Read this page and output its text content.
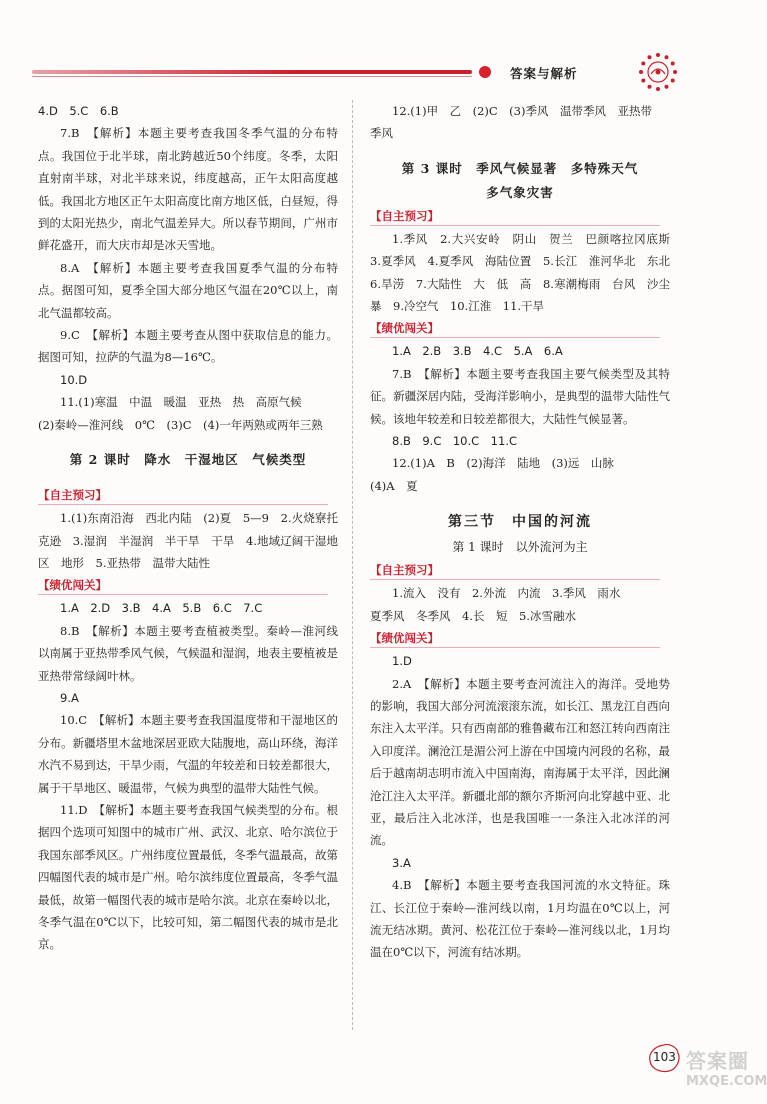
答案与解析

4.D　5.C　6.B

7.B　【解析】本题主要考查我国冬季气温的分布特点。我国位于北半球，南北跨越近50个纬度。冬季，太阳直射南半球，对北半球来说，纬度越高，正午太阳高度越低。我国北方地区正午太阳高度比南方地区低，白昼短，得到的太阳光热少，南北气温差异大。所以春节期间，广州市鲜花盛开，而大庆市却是冰天雪地。

8.A　【解析】本题主要考查我国夏季气温的分布特点。据图可知，夏季全国大部分地区气温在20℃以上，南北气温都较高。

9.C　【解析】本题主要考查从图中获取信息的能力。据图可知，拉萨的气温为8—16℃。

10.D

11.(1)寒温　中温　暖温　亚热　热　高原气候
(2)秦岭—淮河线　0℃　(3)C　(4)一年两熟或两年三熟

第 2 课时　降水　干湿地区　气候类型
【自主预习】

1.(1)东南沿海　西北内陆　(2)夏　5—9　2.火烧寮托克逊　3.湿润　半湿润　半干旱　干旱　4.地域辽阔干湿地区　地形　5.亚热带　温带大陆性

【绩优闯关】

1.A　2.D　3.B　4.A　5.B　6.C　7.C

8.B　【解析】本题主要考查植被类型。秦岭—淮河线以南属于亚热带季风气候，气候温和湿润，地表主要植被是亚热带常绿阔叶林。

9.A

10.C　【解析】本题主要考查我国温度带和干湿地区的分布。新疆塔里木盆地深居亚欧大陆腹地，高山环绕，海洋水汽不易到达，干旱少雨，气温的年较差和日较差都很大，属于干旱地区、暖温带，气候为典型的温带大陆性气候。

11.D　【解析】本题主要考查我国气候类型的分布。根据四个选项可知图中的城市广州、武汉、北京、哈尔滨位于我国东部季风区。广州纬度位置最低，冬季气温最高，故第四幅图代表的城市是广州。哈尔滨纬度位置最高，冬季气温最低，故第一幅图代表的城市是哈尔滨。北京在秦岭以北，冬季气温在0℃以下，比较可知，第二幅图代表的城市是北京。

12.(1)甲　乙　(2)C　(3)季风　温带季风　亚热带
季风

第 3 课时　季风气候显著　多特殊天气
多气象灾害
【自主预习】

1.季风　2.大兴安岭　阴山　贺兰　巴颜喀拉冈底斯　3.夏季风　4.夏季风　海陆位置　5.长江　淮河华北　东北　6.旱涝　7.大陆性　大　低　高　8.寒潮梅雨　台风　沙尘暴　9.冷空气　10.江淮　11.干旱

【绩优闯关】

1.A　2.B　3.B　4.C　5.A　6.A

7.B　【解析】本题主要考查我国主要气候类型及其特征。新疆深居内陆，受海洋影响小，是典型的温带大陆性气候。该地年较差和日较差都很大，大陆性气候显著。

8.B　9.C　10.C　11.C

12.(1)A　B　(2)海洋　陆地　(3)远　山脉
(4)A　夏

第三节　中国的河流
第 1 课时　以外流河为主
【自主预习】

1.流入　没有　2.外流　内流　3.季风　雨水
夏季风　冬季风　4.长　短　5.冰雪融水

【绩优闯关】

1.D

2.A　【解析】本题主要考查河流注入的海洋。受地势的影响，我国大部分河流滚滚东流，如长江、黑龙江自西向东注入太平洋。只有西南部的雅鲁藏布江和怒江转向西南注入印度洋。澜沧江是湄公河上游在中国境内河段的名称，最后于越南胡志明市流入中国南海，南海属于太平洋，因此澜沧江注入太平洋。新疆北部的额尔齐斯河向北穿越中亚、北亚，最后注入北冰洋，也是我国唯一一条注入北冰洋的河流。

3.A

4.B　【解析】本题主要考查我国河流的水文特征。珠江、长江位于秦岭—淮河线以南，1月均温在0℃以上，河流无结冰期。黄河、松花江位于秦岭—淮河线以北，1月均温在0℃以下，河流有结冰期。

103 答案圈
MXQE.COM
